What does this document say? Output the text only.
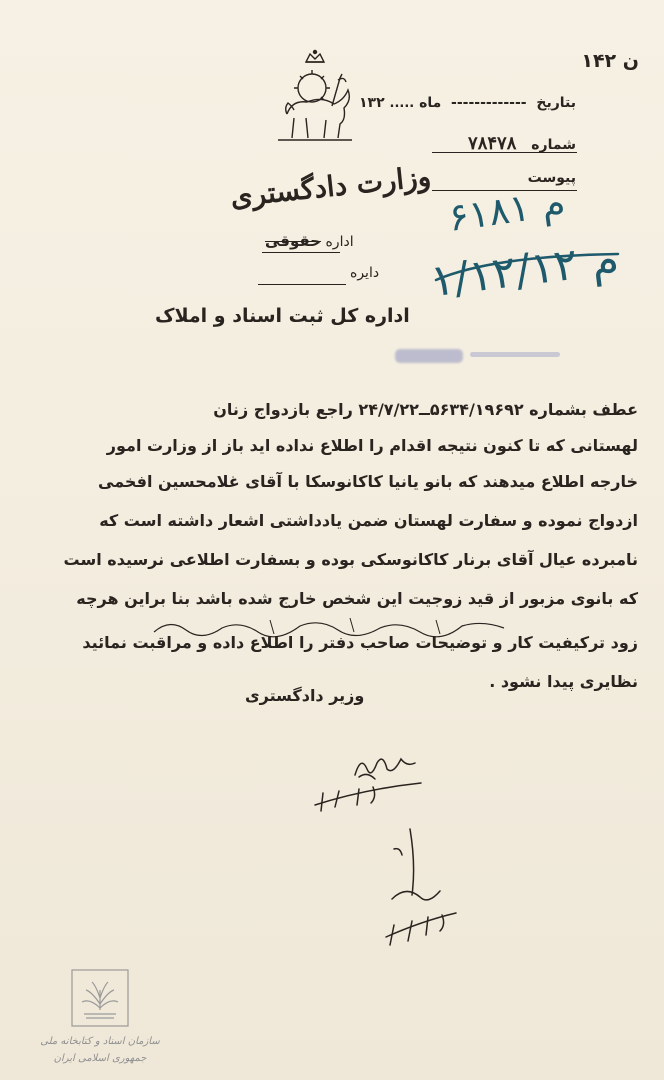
ن ۱۴۲
بتاریخ  -------------  ماه ..... ۱۳۲
شماره ۷۸۴۷۸
پیوست
۶۱۸۱ م
۱/۱۲/۱۲ م
وزارت دادگستری
اداره حقوقی
دایره
اداره کل ثبت اسناد و املاک
عطف بشماره ۵۶۳۴/۱۹۶۹۲ــ۲۴/۷/۲۲ راجع بازدواج زنان
لهستانی که تا کنون نتیجه اقدام را اطلاع نداده اید باز از وزارت امور
خارجه اطلاع میدهند که بانو یانیا کاکانوسکا با آقای غلامحسین افخمی
ازدواج نموده و سفارت لهستان ضمن یادداشتی اشعار داشته است که
نامبرده عیال آقای برنار کاکانوسکی بوده و بسفارت اطلاعی نرسیده است
که بانوی مزبور از قید زوجیت این شخص خارج شده باشد بنا براین هرچه
زود ترکیفیت کار و توضیحات صاحب دفتر را اطلاع داده و مراقبت نمائید
نظایری پیدا نشود .
وزیر دادگستری
سازمان اسناد و کتابخانه ملی
جمهوری اسلامی ایران
